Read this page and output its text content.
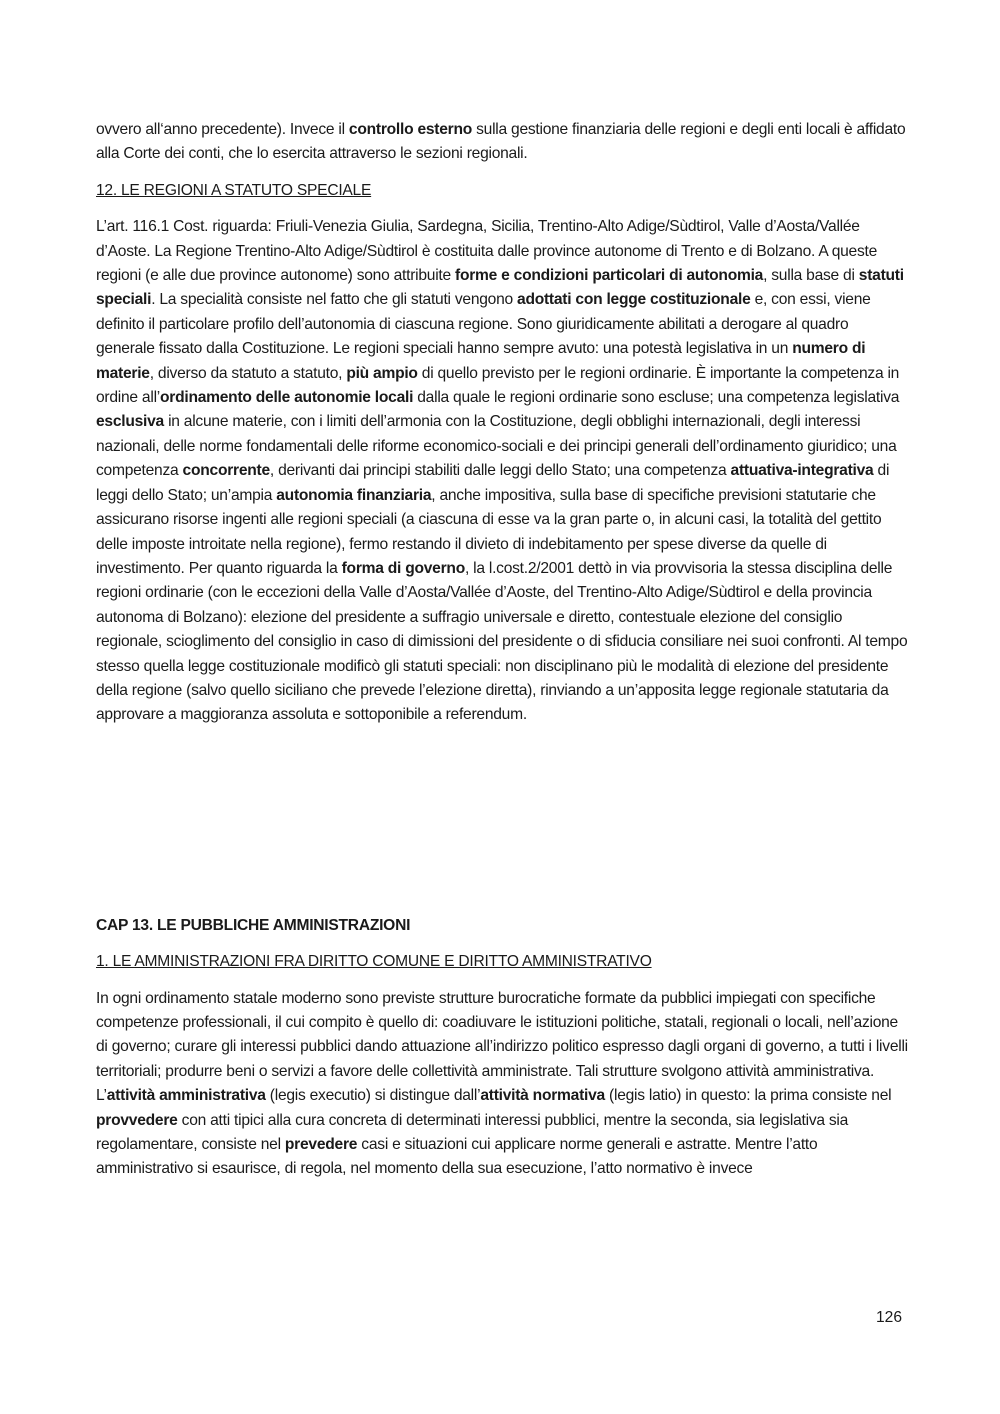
ovvero all‘anno precedente). Invece il controllo esterno sulla gestione finanziaria delle regioni e degli enti locali è affidato alla Corte dei conti, che lo esercita attraverso le sezioni regionali.

12. LE REGIONI A STATUTO SPECIALE

L’art. 116.1 Cost. riguarda: Friuli-Venezia Giulia, Sardegna, Sicilia, Trentino-Alto Adige/Sùdtirol, Valle d’Aosta/Vallée d’Aoste. La Regione Trentino-Alto Adige/Sùdtirol è costituita dalle province autonome di Trento e di Bolzano. A queste regioni (e alle due province autonome) sono attribuite forme e condizioni particolari di autonomia, sulla base di statuti speciali. La specialità consiste nel fatto che gli statuti vengono adottati con legge costituzionale e, con essi, viene definito il particolare profilo dell’autonomia di ciascuna regione. Sono giuridicamente abilitati a derogare al quadro generale fissato dalla Costituzione. Le regioni speciali hanno sempre avuto: una potestà legislativa in un numero di materie, diverso da statuto a statuto, più ampio di quello previsto per le regioni ordinarie. È importante la competenza in ordine all’ordinamento delle autonomie locali dalla quale le regioni ordinarie sono escluse; una competenza legislativa esclusiva in alcune materie, con i limiti dell’armonia con la Costituzione, degli obblighi internazionali, degli interessi nazionali, delle norme fondamentali delle riforme economico-sociali e dei principi generali dell’ordinamento giuridico; una competenza concorrente, derivanti dai principi stabiliti dalle leggi dello Stato; una competenza attuativa-integrativa di leggi dello Stato; un’ampia autonomia finanziaria, anche impositiva, sulla base di specifiche previsioni statutarie che assicurano risorse ingenti alle regioni speciali (a ciascuna di esse va la gran parte o, in alcuni casi, la totalità del gettito delle imposte introitate nella regione), fermo restando il divieto di indebitamento per spese diverse da quelle di investimento. Per quanto riguarda la forma di governo, la l.cost.2/2001 dettò in via provvisoria la stessa disciplina delle regioni ordinarie (con le eccezioni della Valle d’Aosta/Vallée d’Aoste, del Trentino-Alto Adige/Sùdtirol e della provincia autonoma di Bolzano): elezione del presidente a suffragio universale e diretto, contestuale elezione del consiglio regionale, scioglimento del consiglio in caso di dimissioni del presidente o di sfiducia consiliare nei suoi confronti. Al tempo stesso quella legge costituzionale modificò gli statuti speciali: non disciplinano più le modalità di elezione del presidente della regione (salvo quello siciliano che prevede l’elezione diretta), rinviando a un’apposita legge regionale statutaria da approvare a maggioranza assoluta e sottoponibile a referendum.

CAP 13. LE PUBBLICHE AMMINISTRAZIONI

1. LE AMMINISTRAZIONI FRA DIRITTO COMUNE E DIRITTO AMMINISTRATIVO

In ogni ordinamento statale moderno sono previste strutture burocratiche formate da pubblici impiegati con specifiche competenze professionali, il cui compito è quello di: coadiuvare le istituzioni politiche, statali, regionali o locali, nell’azione di governo; curare gli interessi pubblici dando attuazione all’indirizzo politico espresso dagli organi di governo, a tutti i livelli territoriali; produrre beni o servizi a favore delle collettività amministrate. Tali strutture svolgono attività amministrativa. L’attività amministrativa (legis executio) si distingue dall’attività normativa (legis latio) in questo: la prima consiste nel provvedere con atti tipici alla cura concreta di determinati interessi pubblici, mentre la seconda, sia legislativa sia regolamentare, consiste nel prevedere casi e situazioni cui applicare norme generali e astratte. Mentre l’atto amministrativo si esaurisce, di regola, nel momento della sua esecuzione, l’atto normativo è invece

126
